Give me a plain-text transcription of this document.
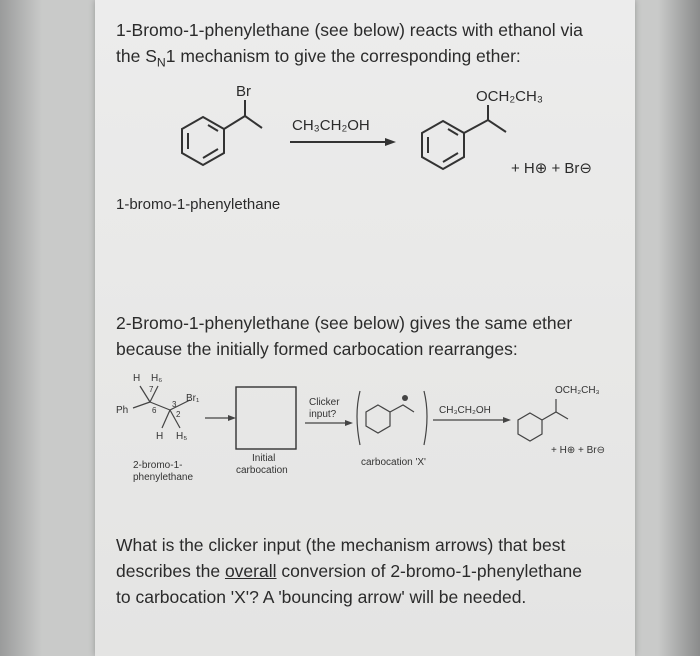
1-Bromo-1-phenylethane (see below) reacts with ethanol via
the $S_N1$ mechanism to give the corresponding ether:
Br
CH₃CH₂OH
OCH₂CH₃
+ H⊕ + Br⊖
1-bromo-1-phenylethane
2-Bromo-1-phenylethane (see below) gives the same ether
because the initially formed carbocation rearranges:
H H₆
Br₁
Ph
H H₅
7
6
3
2
2-bromo-1-
phenylethane
Initial
carbocation
Clicker
input?
carbocation 'X'
CH₃CH₂OH
OCH₂CH₃
+ H⊕ + Br⊖
What is the clicker input (the mechanism arrows) that best
describes the overall conversion of 2-bromo-1-phenylethane
to carbocation 'X'? A 'bouncing arrow' will be needed.
